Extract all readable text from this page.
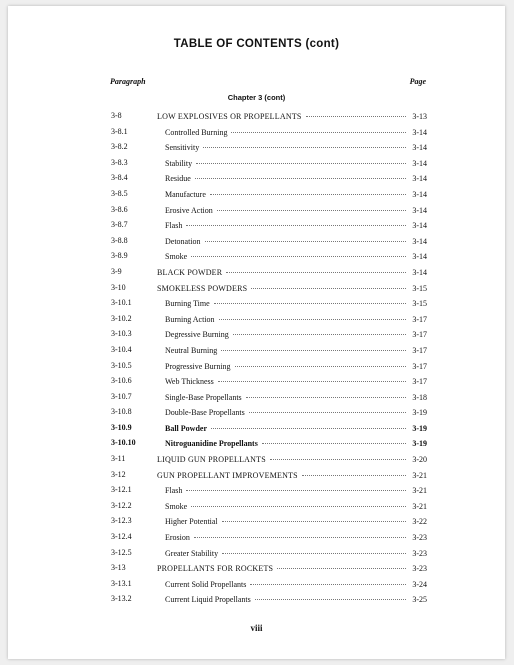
TABLE OF CONTENTS (cont)
Paragraph	Page
Chapter 3 (cont)
3-8	LOW EXPLOSIVES OR PROPELLANTS	3-13
3-8.1	Controlled Burning	3-14
3-8.2	Sensitivity	3-14
3-8.3	Stability	3-14
3-8.4	Residue	3-14
3-8.5	Manufacture	3-14
3-8.6	Erosive Action	3-14
3-8.7	Flash	3-14
3-8.8	Detonation	3-14
3-8.9	Smoke	3-14
3-9	BLACK POWDER	3-14
3-10	SMOKELESS POWDERS	3-15
3-10.1	Burning Time	3-15
3-10.2	Burning Action	3-17
3-10.3	Degressive Burning	3-17
3-10.4	Neutral Burning	3-17
3-10.5	Progressive Burning	3-17
3-10.6	Web Thickness	3-17
3-10.7	Single-Base Propellants	3-18
3-10.8	Double-Base Propellants	3-19
3-10.9	Ball Powder	3-19
3-10.10	Nitroguanidine Propellants	3-19
3-11	LIQUID GUN PROPELLANTS	3-20
3-12	GUN PROPELLANT IMPROVEMENTS	3-21
3-12.1	Flash	3-21
3-12.2	Smoke	3-21
3-12.3	Higher Potential	3-22
3-12.4	Erosion	3-23
3-12.5	Greater Stability	3-23
3-13	PROPELLANTS FOR ROCKETS	3-23
3-13.1	Current Solid Propellants	3-24
3-13.2	Current Liquid Propellants	3-25
viii
